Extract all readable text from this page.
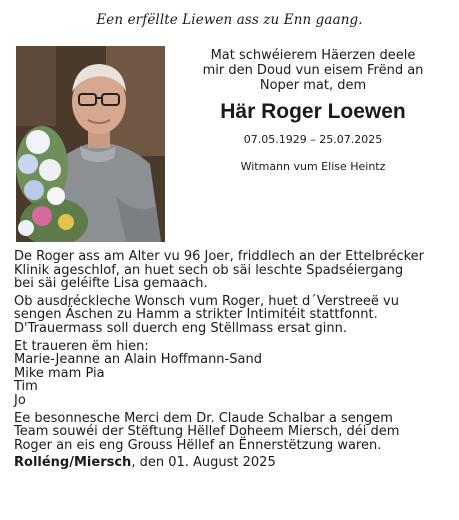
Een erfëllte Liewen ass zu Enn gaang.
Mat schwéierem Häerzen deele
mir den Doud vun eisem Frënd an
Noper mat, dem
Här Roger Loewen
07.05.1929 – 25.07.2025
Witmann vum Elise Heintz

De Roger ass am Alter vu 96 Joer, friddlech an der Ettelbrécker
Klinik ageschlof, an huet sech ob säi leschte Spadséiergang
bei säi geléifte Lisa gemaach.

Ob ausdréckleche Wonsch vum Roger, huet d´Verstreeë vu
sengen Äschen zu Hamm a strikter Intimitéit stattfonnt.
D'Trauermass soll duerch eng Stëllmass ersat ginn.

Et traueren ëm hien:
Marie-Jeanne an Alain Hoffmann-Sand
Mike mam Pia
Tim
Jo

Ee besonnesche Merci dem Dr. Claude Schalbar a sengem
Team souwéi der Stëftung Hëllef Doheem Miersch, déi dem
Roger an eis eng Grouss Hëllef an Ënnerstëtzung waren.

Rolléng/Miersch, den 01. August 2025
